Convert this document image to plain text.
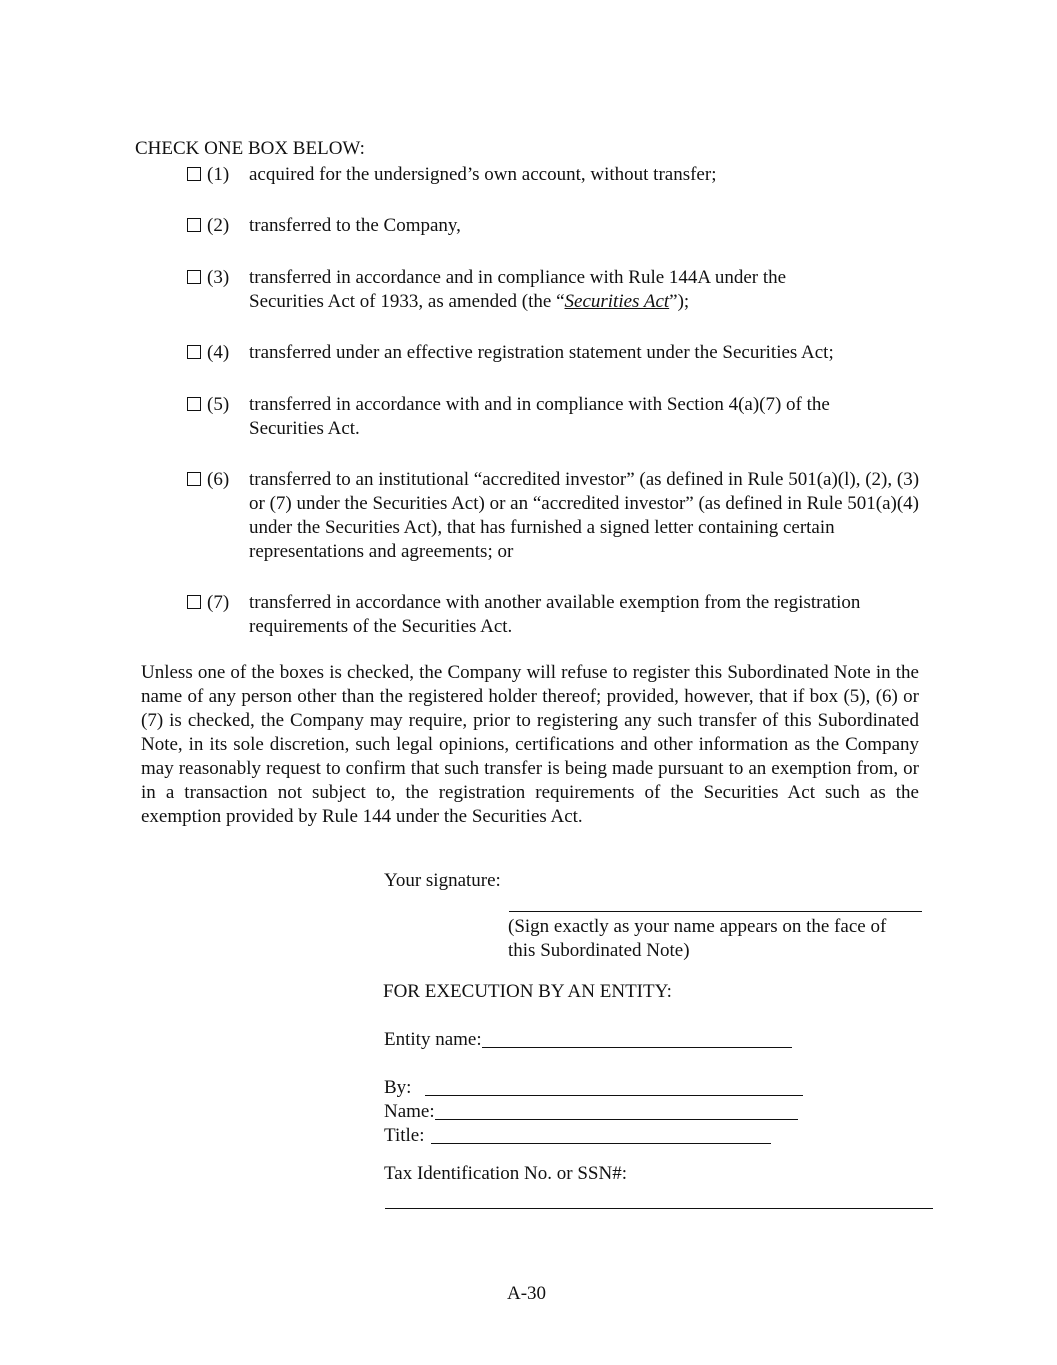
CHECK ONE BOX BELOW:
(1) acquired for the undersigned’s own account, without transfer;
(2) transferred to the Company,
(3) transferred in accordance and in compliance with Rule 144A under the Securities Act of 1933, as amended (the “Securities Act”);
(4) transferred under an effective registration statement under the Securities Act;
(5) transferred in accordance with and in compliance with Section 4(a)(7) of the Securities Act.
(6) transferred to an institutional “accredited investor” (as defined in Rule 501(a)(l), (2), (3) or (7) under the Securities Act) or an “accredited investor” (as defined in Rule 501(a)(4) under the Securities Act), that has furnished a signed letter containing certain representations and agreements; or
(7) transferred in accordance with another available exemption from the registration requirements of the Securities Act.
Unless one of the boxes is checked, the Company will refuse to register this Subordinated Note in the name of any person other than the registered holder thereof; provided, however, that if box (5), (6) or (7) is checked, the Company may require, prior to registering any such transfer of this Subordinated Note, in its sole discretion, such legal opinions, certifications and other information as the Company may reasonably request to confirm that such transfer is being made pursuant to an exemption from, or in a transaction not subject to, the registration requirements of the Securities Act such as the exemption provided by Rule 144 under the Securities Act.
Your signature:
(Sign exactly as your name appears on the face of
this Subordinated Note)
FOR EXECUTION BY AN ENTITY:
Entity name:
By:
Name:
Title:
Tax Identification No. or SSN#:
A-30
